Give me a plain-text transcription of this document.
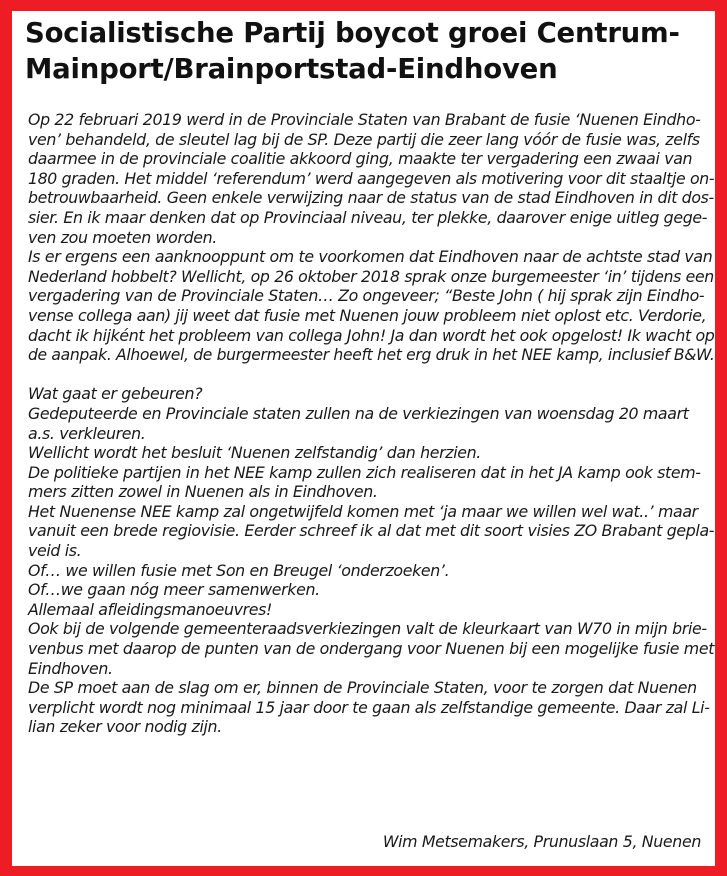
Socialistische Partij boycot groei Centrum-
Mainport/Brainportstad-Eindhoven
Op 22 februari 2019 werd in de Provinciale Staten van Brabant de fusie ‘Nuenen Eindho-
ven’ behandeld, de sleutel lag bij de SP. Deze partij die zeer lang vóór de fusie was, zelfs
daarmee in de provinciale coalitie akkoord ging, maakte ter vergadering een zwaai van
180 graden. Het middel ‘referendum’ werd aangegeven als motivering voor dit staaltje on-
betrouwbaarheid. Geen enkele verwijzing naar de status van de stad Eindhoven in dit dos-
sier. En ik maar denken dat op Provinciaal niveau, ter plekke, daarover enige uitleg gege-
ven zou moeten worden.
Is er ergens een aanknooppunt om te voorkomen dat Eindhoven naar de achtste stad van
Nederland hobbelt? Wellicht, op 26 oktober 2018 sprak onze burgemeester ‘in’ tijdens een
vergadering van de Provinciale Staten… Zo ongeveer; “Beste John ( hij sprak zijn Eindho-
vense collega aan) jij weet dat fusie met Nuenen jouw probleem niet oplost etc. Verdorie,
dacht ik hijként het probleem van collega John! Ja dan wordt het ook opgelost! Ik wacht op
de aanpak. Alhoewel, de burgermeester heeft het erg druk in het NEE kamp, inclusief B&W.
Wat gaat er gebeuren?
Gedeputeerde en Provinciale staten zullen na de verkiezingen van woensdag 20 maart
a.s. verkleuren.
Wellicht wordt het besluit ‘Nuenen zelfstandig’ dan herzien.
De politieke partijen in het NEE kamp zullen zich realiseren dat in het JA kamp ook stem-
mers zitten zowel in Nuenen als in Eindhoven.
Het Nuenense NEE kamp zal ongetwijfeld komen met ‘ja maar we willen wel wat..’ maar
vanuit een brede regiovisie. Eerder schreef ik al dat met dit soort visies ZO Brabant gepla-
veid is.
Of… we willen fusie met Son en Breugel ‘onderzoeken’.
Of…we gaan nóg meer samenwerken.
Allemaal afleidingsmanoeuvres!
Ook bij de volgende gemeenteraadsverkiezingen valt de kleurkaart van W70 in mijn brie-
venbus met daarop de punten van de ondergang voor Nuenen bij een mogelijke fusie met
Eindhoven.
De SP moet aan de slag om er, binnen de Provinciale Staten, voor te zorgen dat Nuenen
verplicht wordt nog minimaal 15 jaar door te gaan als zelfstandige gemeente. Daar zal Li-
lian zeker voor nodig zijn.
Wim Metsemakers, Prunuslaan 5, Nuenen
